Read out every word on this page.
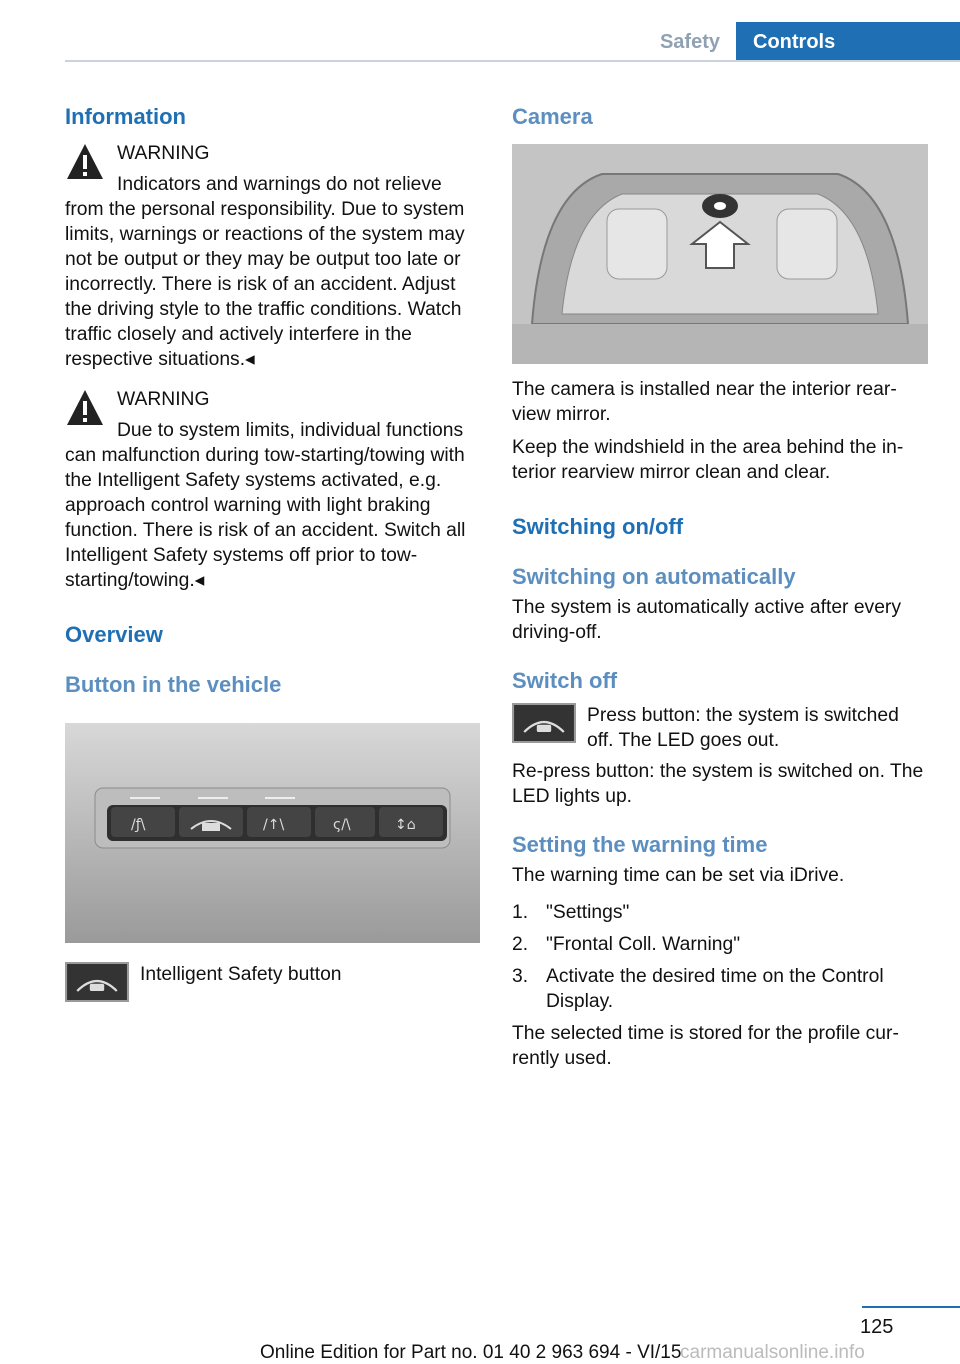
Safety	Controls
Information
WARNING

Indicators and warnings do not relieve from the personal responsibility. Due to system limits, warnings or reactions of the system may not be output or they may be output too late or incorrectly. There is risk of an accident. Adjust the driving style to the traffic conditions. Watch traffic closely and actively interfere in the respective situations.◂

WARNING

Due to system limits, individual functions can malfunction during tow-starting/towing with the Intelligent Safety systems activated, e.g. approach control warning with light braking function. There is risk of an accident. Switch all Intelligent Safety systems off prior to tow-starting/towing.◂

Overview
Button in the vehicle
/ƒ\	/↑\	ς/\	↕⌂
Intelligent Safety button
Camera

The camera is installed near the interior rearview mirror.

Keep the windshield in the area behind the interior rearview mirror clean and clear.

Switching on/off
Switching on automatically

The system is automatically active after every driving-off.

Switch off

Press button: the system is switched off. The LED goes out.

Re-press button: the system is switched on. The LED lights up.

Setting the warning time

The warning time can be set via iDrive.

1. "Settings"
2. "Frontal Coll. Warning"
3. Activate the desired time on the Control Display.

The selected time is stored for the profile currently used.

125
Online Edition for Part no. 01 40 2 963 694 - VI/15
carmanualsonline.info
